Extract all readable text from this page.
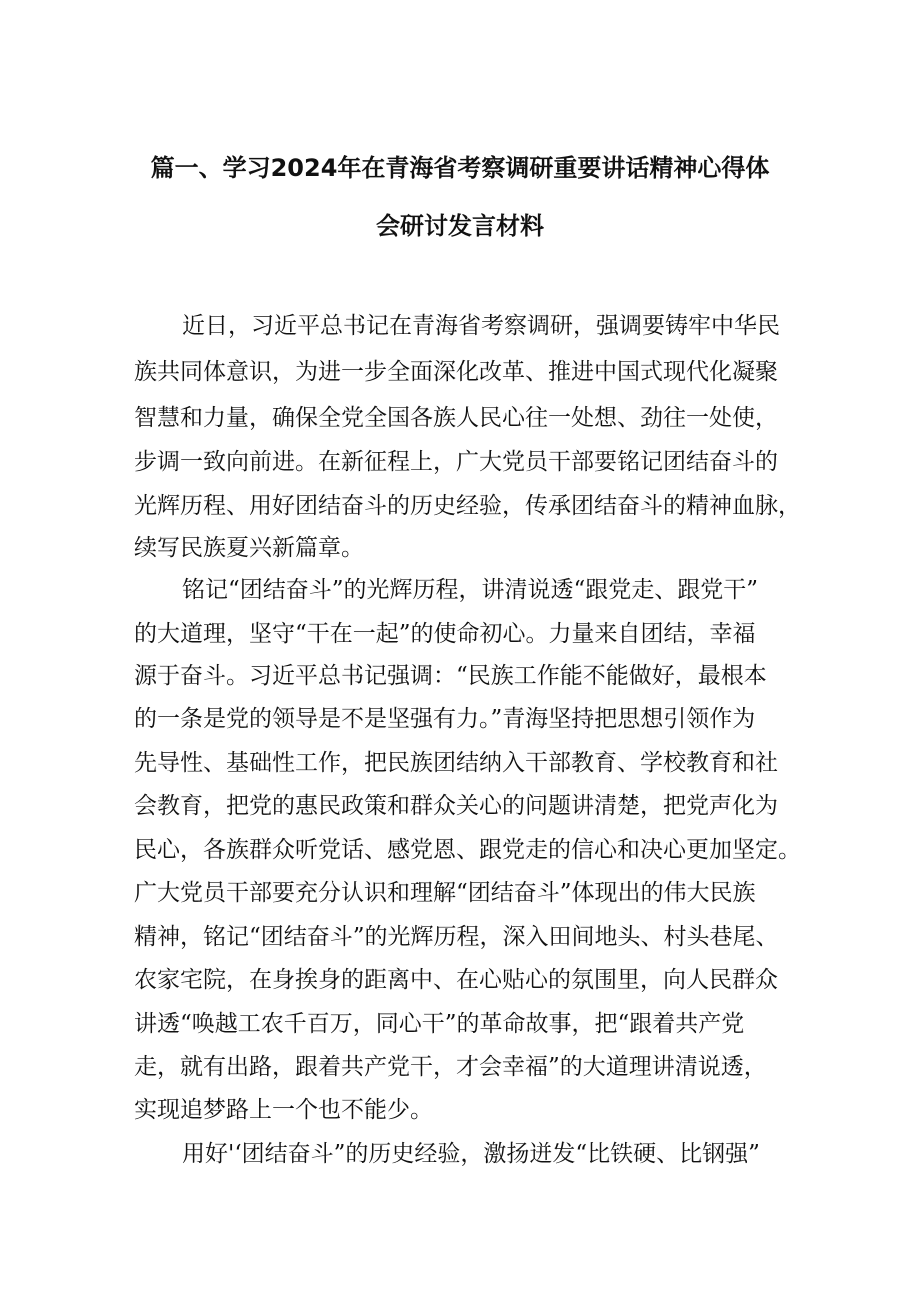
篇一、学习2024年在青海省考察调研重要讲话精神心得体
会研讨发言材料
近日，习近平总书记在青海省考察调研，强调要铸牢中华民
族共同体意识，为进一步全面深化改革、推进中国式现代化凝聚
智慧和力量，确保全党全国各族人民心往一处想、劲往一处使，
步调一致向前进。在新征程上，广大党员干部要铭记团结奋斗的
光辉历程、用好团结奋斗的历史经验，传承团结奋斗的精神血脉，
续写民族夏兴新篇章。
铭记“团结奋斗”的光辉历程，讲清说透“跟党走、跟党干”
的大道理，坚守“干在一起”的使命初心。力量来自团结，幸福
源于奋斗。习近平总书记强调：“民族工作能不能做好，最根本
的一条是党的领导是不是坚强有力。”青海坚持把思想引领作为
先导性、基础性工作，把民族团结纳入干部教育、学校教育和社
会教育，把党的惠民政策和群众关心的问题讲清楚，把党声化为
民心，各族群众听党话、感党恩、跟党走的信心和决心更加坚定。
广大党员干部要充分认识和理解“团结奋斗”体现出的伟大民族
精神，铭记“团结奋斗”的光辉历程，深入田间地头、村头巷尾、
农家宅院，在身挨身的距离中、在心贴心的氛围里，向人民群众
讲透“唤越工农千百万，同心干”的革命故事，把“跟着共产党
走，就有出路，跟着共产党干，才会幸福”的大道理讲清说透，
实现追梦路上一个也不能少。
用好'‘团结奋斗”的历史经验，激扬迸发“比铁硬、比钢强”
